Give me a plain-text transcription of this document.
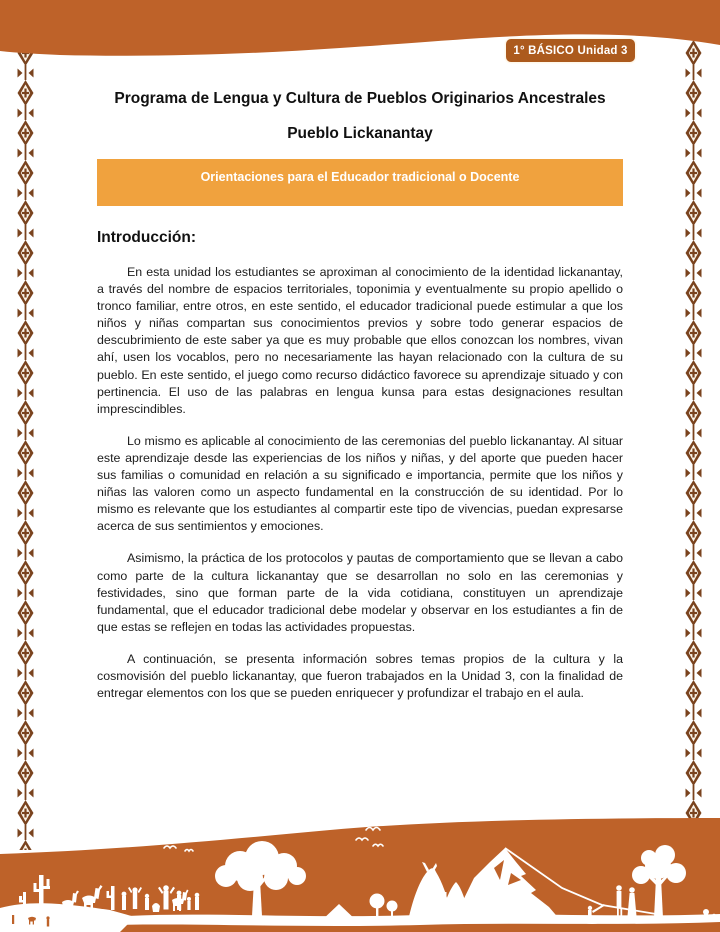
1° BÁSICO Unidad 3
Programa de Lengua y Cultura de Pueblos Originarios Ancestrales
Pueblo Lickanantay
Orientaciones para el Educador tradicional o Docente
Introducción:

En esta unidad los estudiantes se aproximan al conocimiento de la identidad lickanantay, a través del nombre de espacios territoriales, toponimia y eventualmente su propio apellido o tronco familiar, entre otros, en este sentido, el educador tradicional puede estimular a que los niños y niñas compartan sus conocimientos previos y sobre todo generar espacios de descubrimiento de este saber ya que es muy probable que ellos conozcan los nombres, vivan ahí, usen los vocablos, pero no necesariamente las hayan relacionado con la cultura de su pueblo. En este sentido, el juego como recurso didáctico favorece su aprendizaje situado y con pertinencia. El uso de las palabras en lengua kunsa para estas designaciones resultan imprescindibles.

Lo mismo es aplicable al conocimiento de las ceremonias del pueblo lickanantay. Al situar este aprendizaje desde las experiencias de los niños y niñas, y del aporte que pueden hacer sus familias o comunidad en relación a su significado e importancia, permite que los niños y niñas las valoren como un aspecto fundamental en la construcción de su identidad. Por lo mismo es relevante que los estudiantes al compartir este tipo de vivencias, puedan expresarse acerca de sus sentimientos y emociones.

Asimismo, la práctica de los protocolos y pautas de comportamiento que se llevan a cabo como parte de la cultura lickanantay que se desarrollan no solo en las ceremonias y festividades, sino que forman parte de la vida cotidiana, constituyen un aprendizaje fundamental, que el educador tradicional debe modelar y observar en los estudiantes a fin de que estas se reflejen en todas las actividades propuestas.

A continuación, se presenta información sobres temas propios de la cultura y la cosmovisión del pueblo lickanantay, que fueron trabajados en la Unidad 3, con la finalidad de entregar elementos con los que se pueden enriquecer y profundizar el trabajo en el aula.
